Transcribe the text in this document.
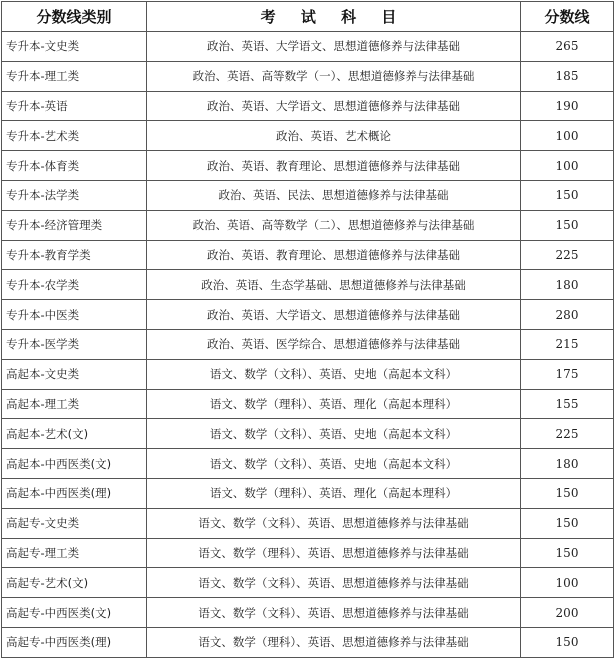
分数线类别	考 试 科 目	分数线
专升本-文史类	政治、英语、大学语文、思想道德修养与法律基础	265
专升本-理工类	政治、英语、高等数学（一）、思想道德修养与法律基础	185
专升本-英语	政治、英语、大学语文、思想道德修养与法律基础	190
专升本-艺术类	政治、英语、艺术概论	100
专升本-体育类	政治、英语、教育理论、思想道德修养与法律基础	100
专升本-法学类	政治、英语、民法、思想道德修养与法律基础	150
专升本-经济管理类	政治、英语、高等数学（二）、思想道德修养与法律基础	150
专升本-教育学类	政治、英语、教育理论、思想道德修养与法律基础	225
专升本-农学类	政治、英语、生态学基础、思想道德修养与法律基础	180
专升本-中医类	政治、英语、大学语文、思想道德修养与法律基础	280
专升本-医学类	政治、英语、医学综合、思想道德修养与法律基础	215
高起本-文史类	语文、数学（文科）、英语、史地（高起本文科）	175
高起本-理工类	语文、数学（理科）、英语、理化（高起本理科）	155
高起本-艺术(文)	语文、数学（文科）、英语、史地（高起本文科）	225
高起本-中西医类(文)	语文、数学（文科）、英语、史地（高起本文科）	180
高起本-中西医类(理)	语文、数学（理科）、英语、理化（高起本理科）	150
高起专-文史类	语文、数学（文科）、英语、思想道德修养与法律基础	150
高起专-理工类	语文、数学（理科）、英语、思想道德修养与法律基础	150
高起专-艺术(文)	语文、数学（文科）、英语、思想道德修养与法律基础	100
高起专-中西医类(文)	语文、数学（文科）、英语、思想道德修养与法律基础	200
高起专-中西医类(理)	语文、数学（理科）、英语、思想道德修养与法律基础	150
